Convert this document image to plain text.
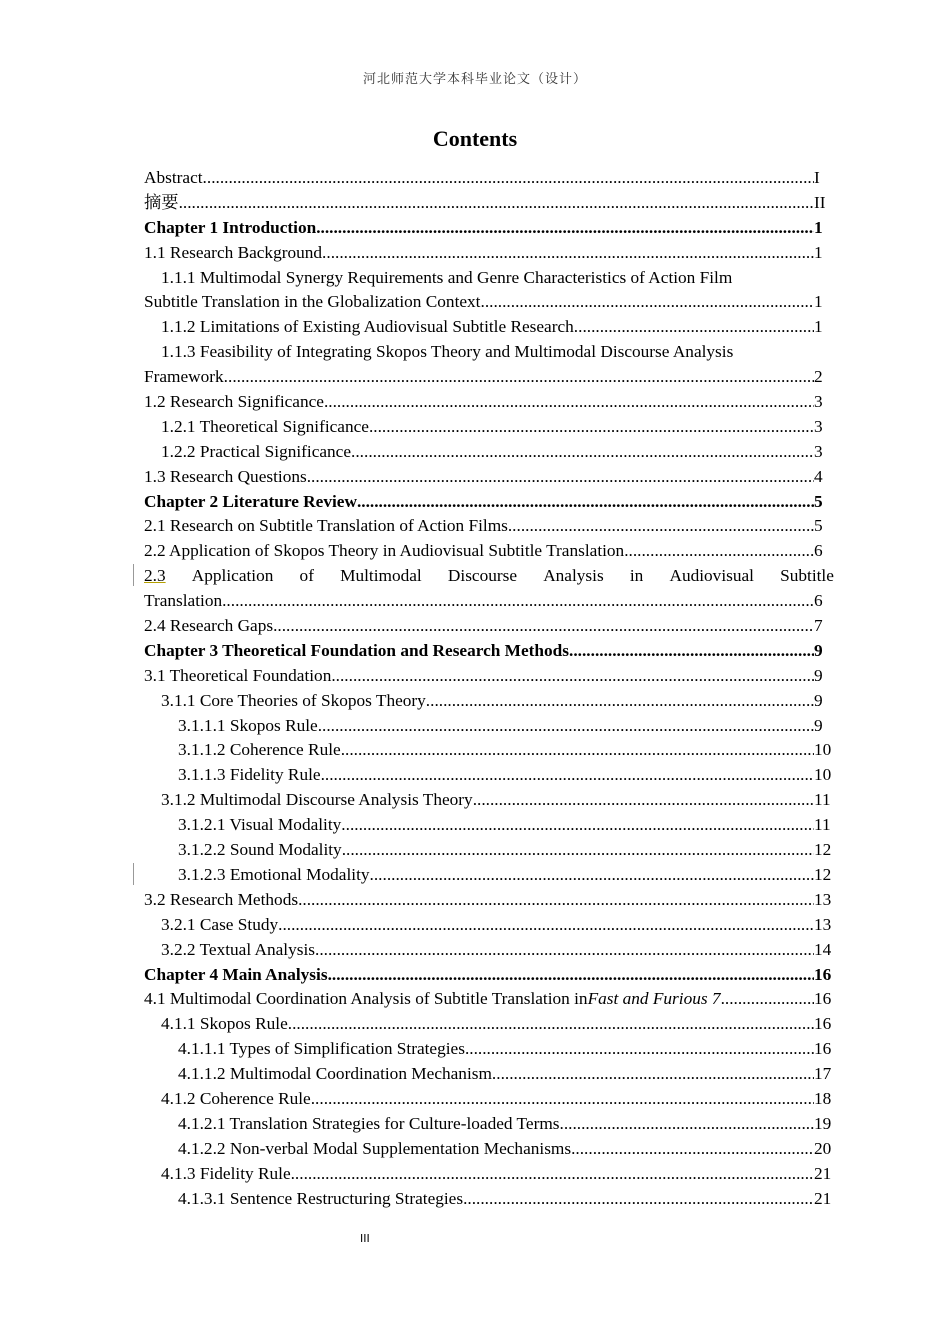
河北师范大学本科毕业论文（设计）
Contents
Abstract .....	I
摘要 .....	II
Chapter 1 Introduction .....	1
1.1 Research Background .....	1
1.1.1 Multimodal Synergy Requirements and Genre Characteristics of Action Film
Subtitle Translation in the Globalization Context .....	1
1.1.2 Limitations of Existing Audiovisual Subtitle Research .....	1
1.1.3 Feasibility of Integrating Skopos Theory and Multimodal Discourse Analysis
Framework .....	2
1.2 Research Significance .....	3
1.2.1 Theoretical Significance .....	3
1.2.2 Practical Significance .....	3
1.3 Research Questions .....	4
Chapter 2 Literature Review .....	5
2.1 Research on Subtitle Translation of Action Films .....	5
2.2 Application of Skopos Theory in Audiovisual Subtitle Translation .....	6
2.3 Application of Multimodal Discourse Analysis in Audiovisual Subtitle
Translation .....	6
2.4 Research Gaps .....	7
Chapter 3 Theoretical Foundation and Research Methods .....	9
3.1 Theoretical Foundation .....	9
3.1.1 Core Theories of Skopos Theory .....	9
3.1.1.1 Skopos Rule .....	9
3.1.1.2 Coherence Rule .....	10
3.1.1.3 Fidelity Rule .....	10
3.1.2 Multimodal Discourse Analysis Theory .....	11
3.1.2.1 Visual Modality .....	11
3.1.2.2 Sound Modality .....	12
3.1.2.3 Emotional Modality .....	12
3.2 Research Methods .....	13
3.2.1 Case Study .....	13
3.2.2 Textual Analysis .....	14
Chapter 4 Main Analysis .....	16
4.1 Multimodal Coordination Analysis of Subtitle Translation in Fast and Furious 7 .....	16
4.1.1 Skopos Rule .....	16
4.1.1.1 Types of Simplification Strategies .....	16
4.1.1.2 Multimodal Coordination Mechanism .....	17
4.1.2 Coherence Rule .....	18
4.1.2.1 Translation Strategies for Culture-loaded Terms .....	19
4.1.2.2 Non-verbal Modal Supplementation Mechanisms .....	20
4.1.3 Fidelity Rule .....	21
4.1.3.1 Sentence Restructuring Strategies .....	21
III
